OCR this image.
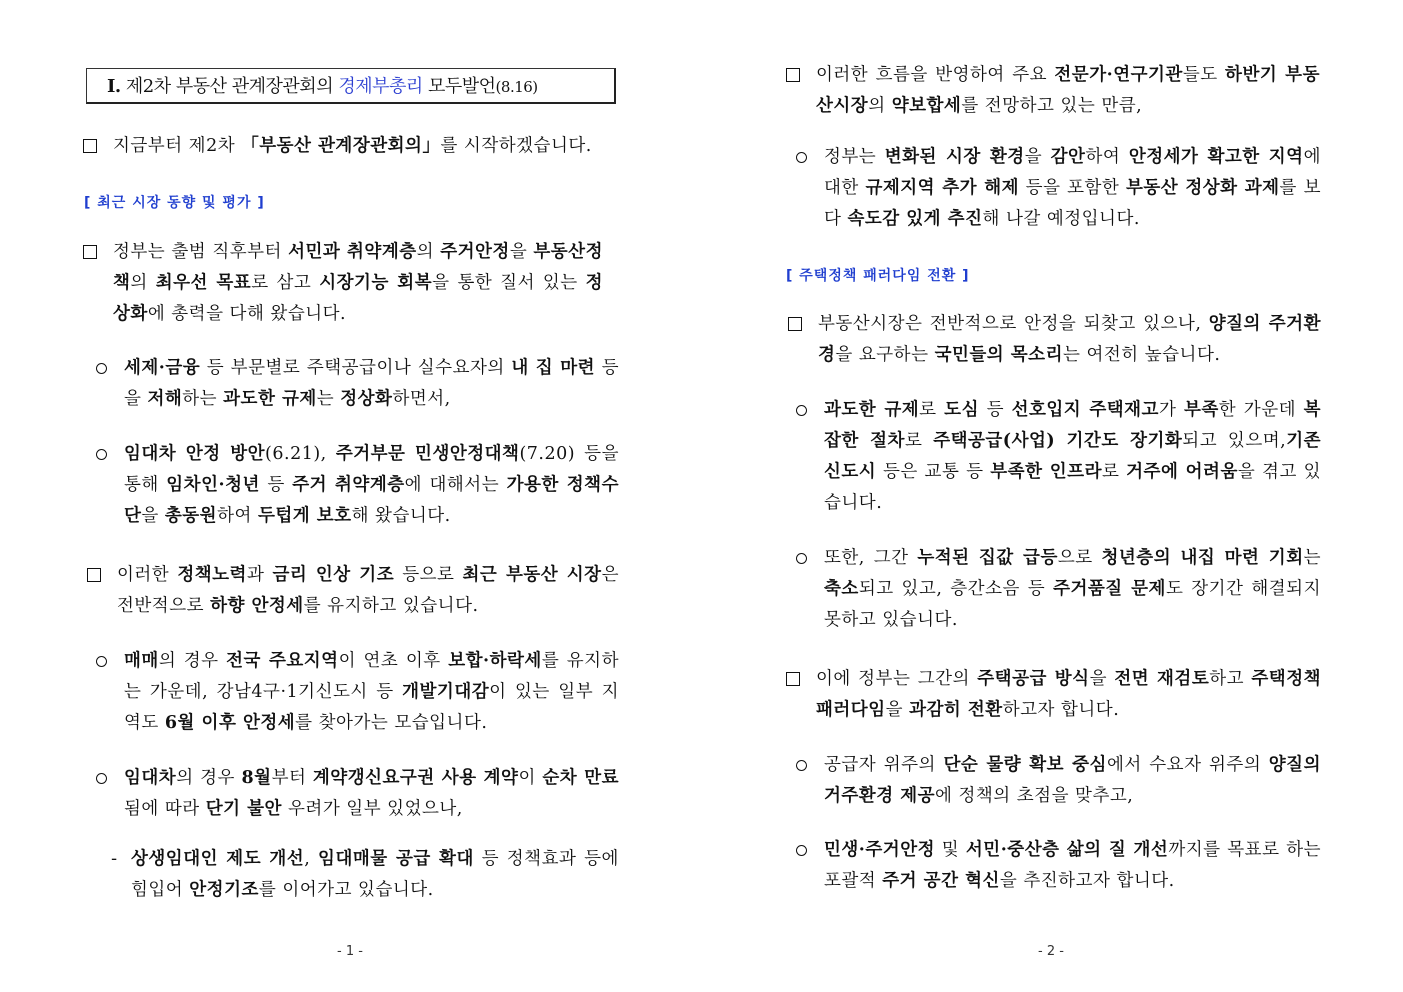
Ⅰ. 제2차 부동산 관계장관회의 경제부총리 모두발언(8.16)
지금부터 제2차 「부동산 관계장관회의」를 시작하겠습니다.
[ 최근 시장 동향 및 평가 ]
정부는 출범 직후부터 서민과 취약계층의 주거안정을 부동산정책의 최우선 목표로 삼고 시장기능 회복을 통한 질서 있는 정상화에 총력을 다해 왔습니다.
세제·금융 등 부문별로 주택공급이나 실수요자의 내 집 마련 등을 저해하는 과도한 규제는 정상화하면서,
임대차 안정 방안(6.21), 주거부문 민생안정대책(7.20) 등을 통해 임차인·청년 등 주거 취약계층에 대해서는 가용한 정책수단을 총동원하여 두텁게 보호해 왔습니다.
이러한 정책노력과 금리 인상 기조 등으로 최근 부동산 시장은 전반적으로 하향 안정세를 유지하고 있습니다.
매매의 경우 전국 주요지역이 연초 이후 보합·하락세를 유지하는 가운데, 강남4구·1기신도시 등 개발기대감이 있는 일부 지역도 6월 이후 안정세를 찾아가는 모습입니다.
임대차의 경우 8월부터 계약갱신요구권 사용 계약이 순차 만료됨에 따라 단기 불안 우려가 일부 있었으나,
- 상생임대인 제도 개선, 임대매물 공급 확대 등 정책효과 등에 힘입어 안정기조를 이어가고 있습니다.
- 1 -
이러한 흐름을 반영하여 주요 전문가·연구기관들도 하반기 부동산시장의 약보합세를 전망하고 있는 만큼,
정부는 변화된 시장 환경을 감안하여 안정세가 확고한 지역에 대한 규제지역 추가 해제 등을 포함한 부동산 정상화 과제를 보다 속도감 있게 추진해 나갈 예정입니다.
[ 주택정책 패러다임 전환 ]
부동산시장은 전반적으로 안정을 되찾고 있으나, 양질의 주거환경을 요구하는 국민들의 목소리는 여전히 높습니다.
과도한 규제로 도심 등 선호입지 주택재고가 부족한 가운데 복잡한 절차로 주택공급(사업) 기간도 장기화되고 있으며,기존 신도시 등은 교통 등 부족한 인프라로 거주에 어려움을 겪고 있습니다.
또한, 그간 누적된 집값 급등으로 청년층의 내집 마련 기회는 축소되고 있고, 층간소음 등 주거품질 문제도 장기간 해결되지 못하고 있습니다.
이에 정부는 그간의 주택공급 방식을 전면 재검토하고 주택정책 패러다임을 과감히 전환하고자 합니다.
공급자 위주의 단순 물량 확보 중심에서 수요자 위주의 양질의 거주환경 제공에 정책의 초점을 맞추고,
민생·주거안정 및 서민·중산층 삶의 질 개선까지를 목표로 하는 포괄적 주거 공간 혁신을 추진하고자 합니다.
- 2 -
